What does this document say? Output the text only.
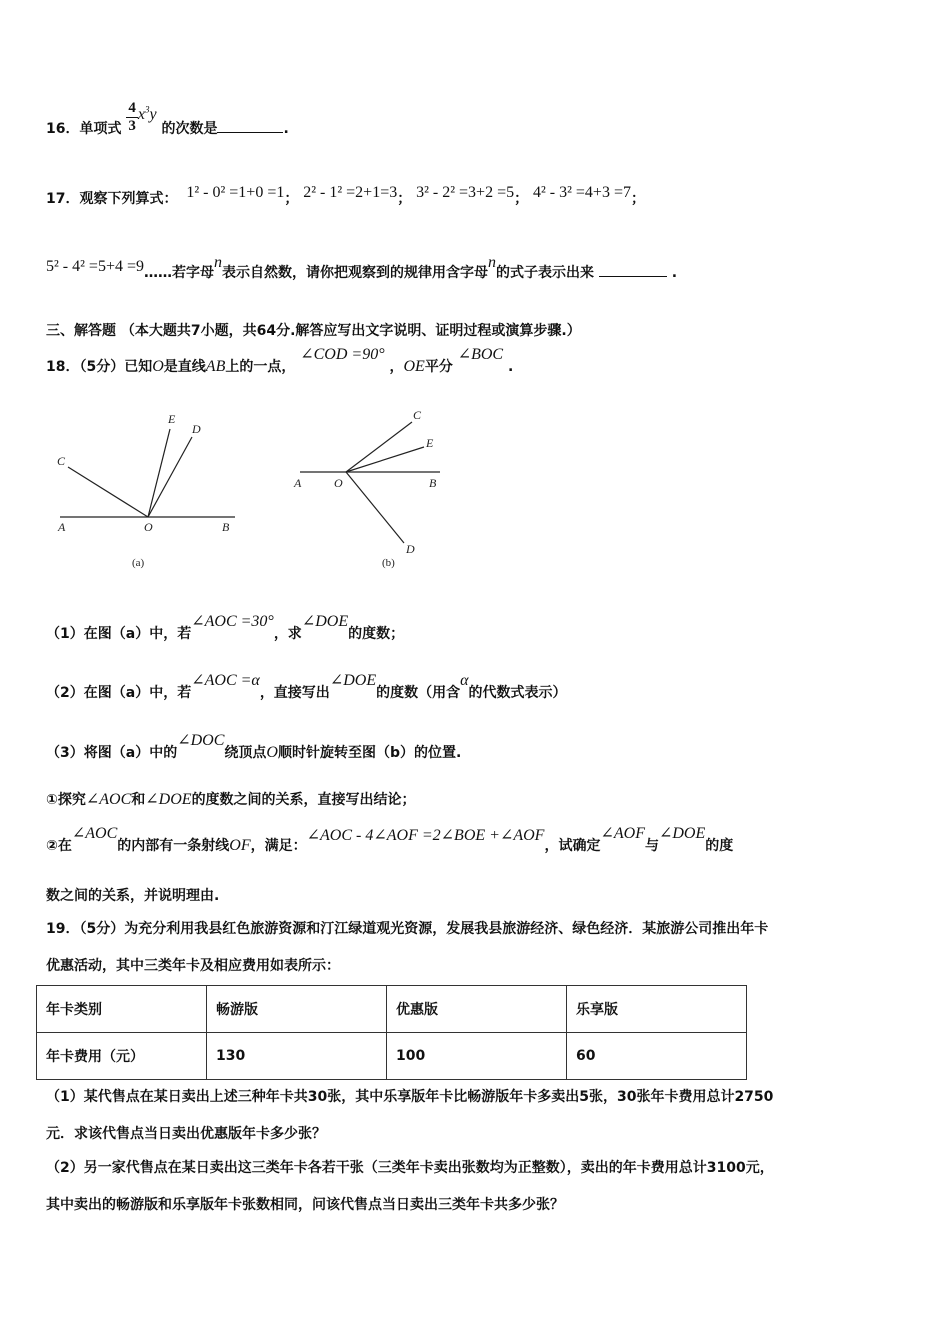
16．单项式 $\frac{4}{3} x^3y$ 的次数是	.
17．观察下列算式： 1² - 0² =1+0 =1； 2² - 1² =2+1=3； 3² - 2² =3+2 =5； 4² - 3² =4+3 =7；
5² - 4² =5+4 =9……若字母n表示自然数，请你把观察到的规律用含字母n的式子表示出来	.
三、解答题 （本大题共7小题，共64分.解答应写出文字说明、证明过程或演算步骤.）
18．（5分）已知O是直线AB上的一点， ∠COD =90° ，OE平分 ∠BOC .
C
E
D
A	O	B
(a)
C
E
A	O	B
D
(b)
（1）在图（a）中，若∠AOC =30°，求∠DOE的度数；
（2）在图（a）中，若∠AOC =α，直接写出∠DOE的度数（用含α的代数式表示）
（3）将图（a）中的∠DOC绕顶点O顺时针旋转至图（b）的位置.
①探究∠AOC和∠DOE的度数之间的关系，直接写出结论；
②在∠AOC的内部有一条射线OF，满足：∠AOC - 4∠AOF =2∠BOE +∠AOF，试确定∠AOF与∠DOE的度
数之间的关系，并说明理由.
19．（5分）为充分利用我县红色旅游资源和汀江绿道观光资源，发展我县旅游经济、绿色经济．某旅游公司推出年卡
优惠活动，其中三类年卡及相应费用如表所示：
年卡类别	畅游版	优惠版	乐享版
年卡费用（元）	130	100	60
（1）某代售点在某日卖出上述三种年卡共30张，其中乐享版年卡比畅游版年卡多卖出5张，30张年卡费用总计2750
元．求该代售点当日卖出优惠版年卡多少张？
（2）另一家代售点在某日卖出这三类年卡各若干张（三类年卡卖出张数均为正整数），卖出的年卡费用总计3100元，
其中卖出的畅游版和乐享版年卡张数相同，问该代售点当日卖出三类年卡共多少张？
